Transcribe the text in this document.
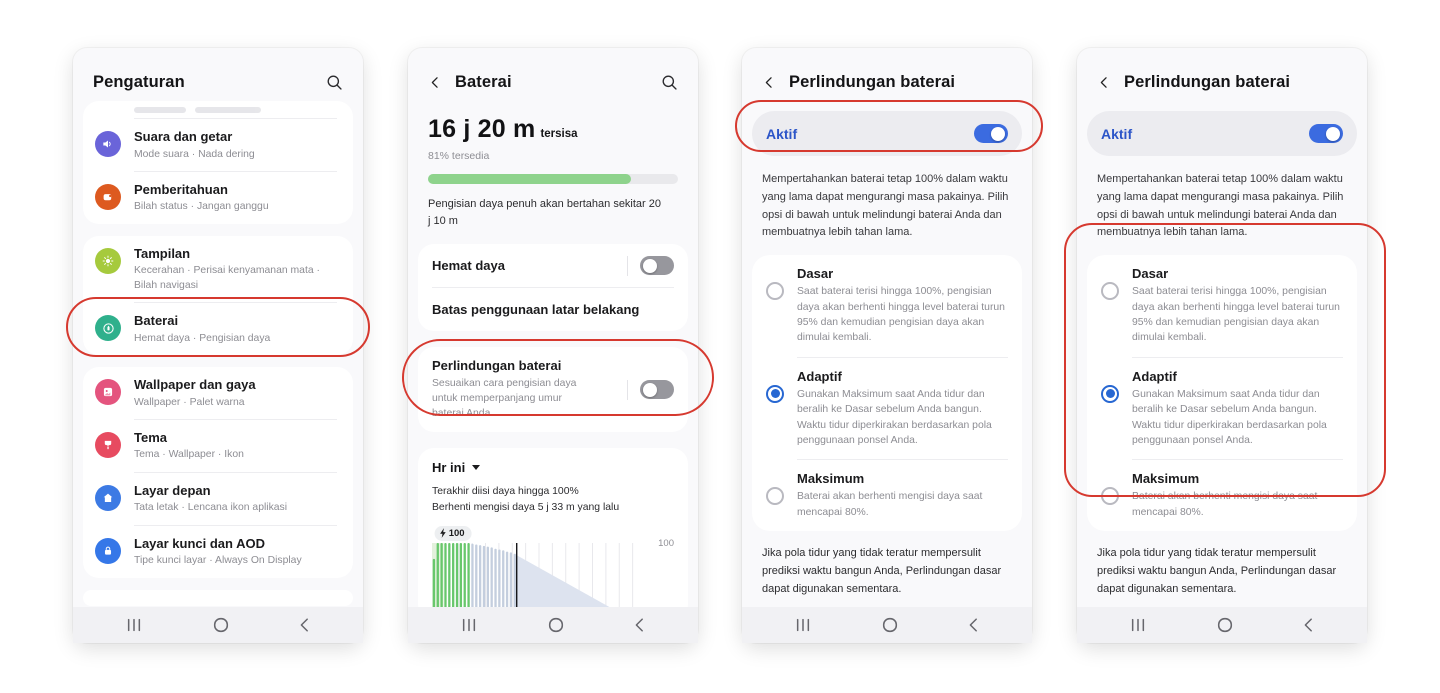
Pengaturan
Suara dan getar
Mode suara · Nada dering
Pemberitahuan
Bilah status · Jangan ganggu
Tampilan
Kecerahan · Perisai kenyamanan mata · Bilah navigasi
Baterai
Hemat daya · Pengisian daya
Wallpaper dan gaya
Wallpaper · Palet warna
Tema
Tema · Wallpaper · Ikon
Layar depan
Tata letak · Lencana ikon aplikasi
Layar kunci dan AOD
Tipe kunci layar · Always On Display
Baterai
16 j 20 m tersisa
81% tersedia
Pengisian daya penuh akan bertahan sekitar 20 j 10 m
Hemat daya
Batas penggunaan latar belakang
Perlindungan baterai
Sesuaikan cara pengisian daya untuk memperpanjang umur baterai Anda.
Hr ini
Terakhir diisi daya hingga 100%
Berhenti mengisi daya 5 j 33 m yang lalu
100
100
Perlindungan baterai
Aktif
Mempertahankan baterai tetap 100% dalam waktu yang lama dapat mengurangi masa pakainya. Pilih opsi di bawah untuk melindungi baterai Anda dan membuatnya lebih tahan lama.
Dasar
Saat baterai terisi hingga 100%, pengisian daya akan berhenti hingga level baterai turun 95% dan kemudian pengisian daya akan dimulai kembali.
Adaptif
Gunakan Maksimum saat Anda tidur dan beralih ke Dasar sebelum Anda bangun. Waktu tidur diperkirakan berdasarkan pola penggunaan ponsel Anda.
Maksimum
Baterai akan berhenti mengisi daya saat mencapai 80%.
Jika pola tidur yang tidak teratur mempersulit prediksi waktu bangun Anda, Perlindungan dasar dapat digunakan sementara.
Perlindungan baterai
Aktif
Mempertahankan baterai tetap 100% dalam waktu yang lama dapat mengurangi masa pakainya. Pilih opsi di bawah untuk melindungi baterai Anda dan membuatnya lebih tahan lama.
Dasar
Saat baterai terisi hingga 100%, pengisian daya akan berhenti hingga level baterai turun 95% dan kemudian pengisian daya akan dimulai kembali.
Adaptif
Gunakan Maksimum saat Anda tidur dan beralih ke Dasar sebelum Anda bangun. Waktu tidur diperkirakan berdasarkan pola penggunaan ponsel Anda.
Maksimum
Baterai akan berhenti mengisi daya saat mencapai 80%.
Jika pola tidur yang tidak teratur mempersulit prediksi waktu bangun Anda, Perlindungan dasar dapat digunakan sementara.
